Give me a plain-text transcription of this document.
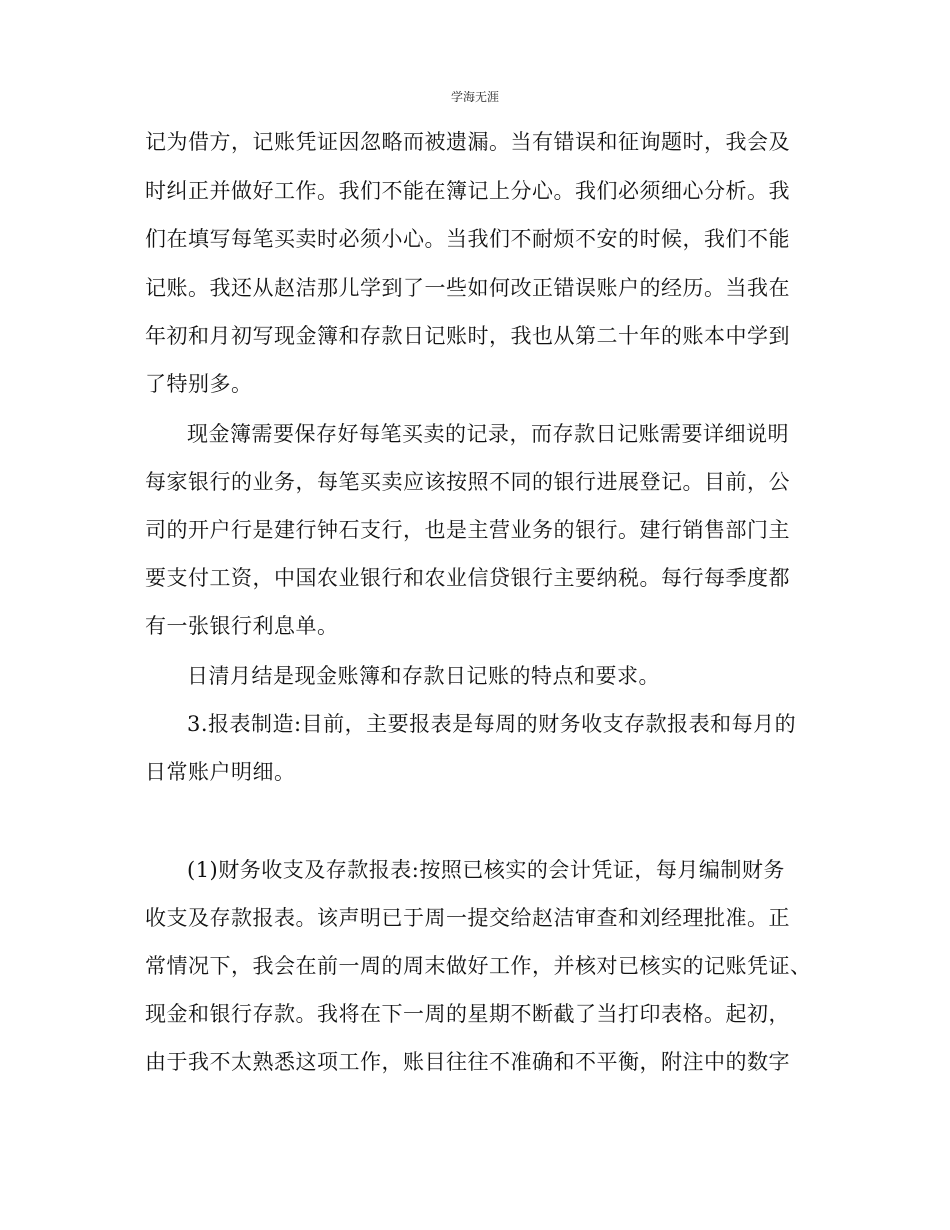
学海无涯
记为借方，记账凭证因忽略而被遗漏。当有错误和征询题时，我会及
时纠正并做好工作。我们不能在簿记上分心。我们必须细心分析。我
们在填写每笔买卖时必须小心。当我们不耐烦不安的时候，我们不能
记账。我还从赵洁那儿学到了一些如何改正错误账户的经历。当我在
年初和月初写现金簿和存款日记账时，我也从第二十年的账本中学到
了特别多。
现金簿需要保存好每笔买卖的记录，而存款日记账需要详细说明
每家银行的业务，每笔买卖应该按照不同的银行进展登记。目前，公
司的开户行是建行钟石支行，也是主营业务的银行。建行销售部门主
要支付工资，中国农业银行和农业信贷银行主要纳税。每行每季度都
有一张银行利息单。
日清月结是现金账簿和存款日记账的特点和要求。
3.报表制造:目前，主要报表是每周的财务收支存款报表和每月的
日常账户明细。
(1)财务收支及存款报表:按照已核实的会计凭证，每月编制财务
收支及存款报表。该声明已于周一提交给赵洁审查和刘经理批准。正
常情况下，我会在前一周的周末做好工作，并核对已核实的记账凭证、
现金和银行存款。我将在下一周的星期不断截了当打印表格。起初，
由于我不太熟悉这项工作，账目往往不准确和不平衡，附注中的数字
